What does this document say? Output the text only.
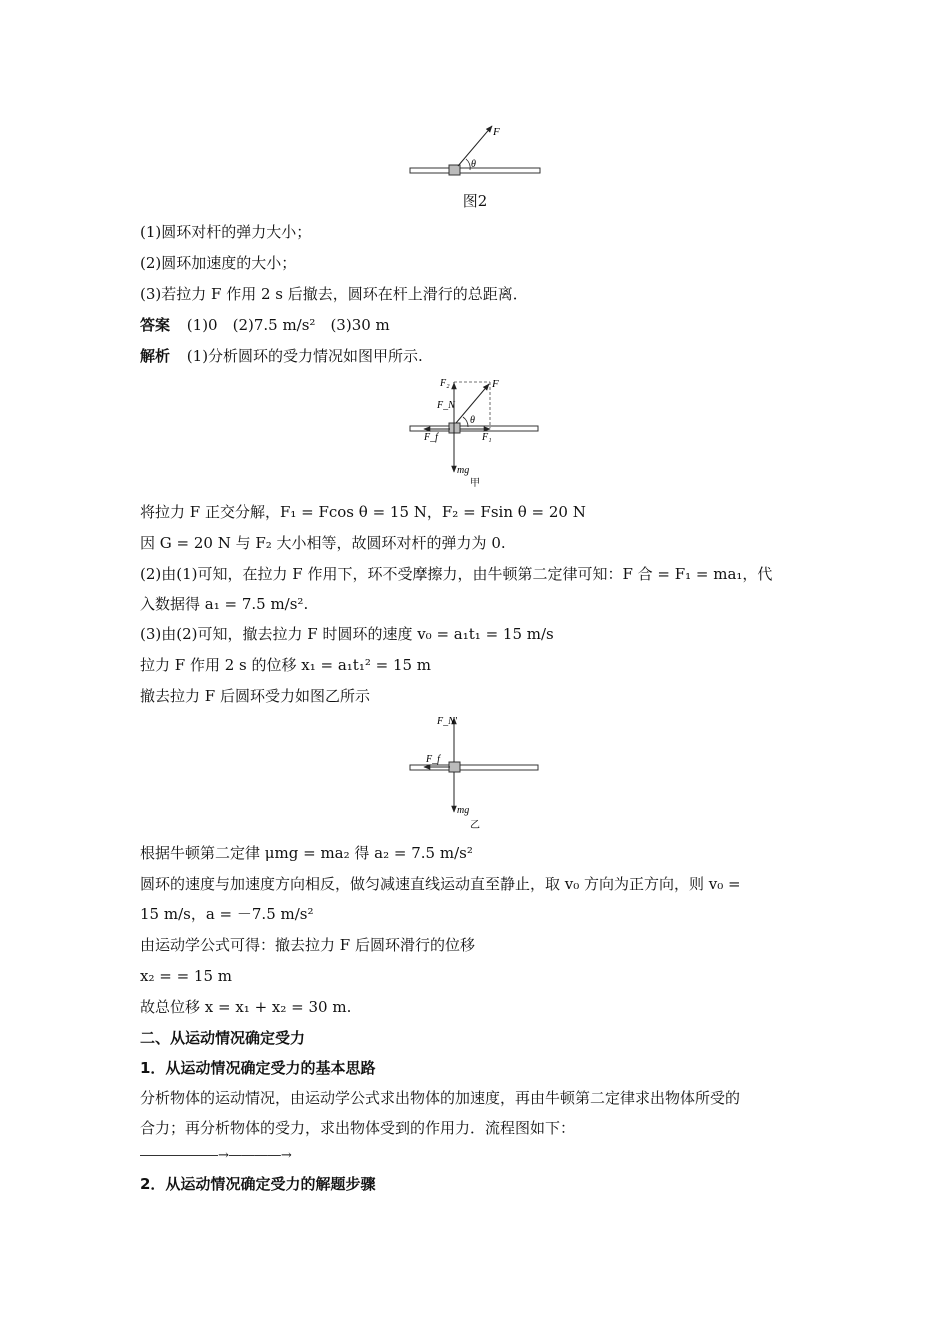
F
θ
图2
(1)圆环对杆的弹力大小；
(2)圆环加速度的大小；
(3)若拉力 F 作用 2 s 后撤去，圆环在杆上滑行的总距离．
答案 (1)0　(2)7.5 m/s²　(3)30 m
解析 (1)分析圆环的受力情况如图甲所示.
F₂	F
F_N
θ
F_f	F₁
mg
甲
将拉力 F 正交分解，F₁ = Fcos θ = 15 N，F₂ = Fsin θ = 20 N
因 G = 20 N 与 F₂ 大小相等，故圆环对杆的弹力为 0.
(2)由(1)可知，在拉力 F 作用下，环不受摩擦力，由牛顿第二定律可知：F 合 = F₁ = ma₁，代
入数据得 a₁ = 7.5 m/s².
(3)由(2)可知，撤去拉力 F 时圆环的速度 v₀ = a₁t₁ = 15 m/s
拉力 F 作用 2 s 的位移 x₁ = a₁t₁² = 15 m
撤去拉力 F 后圆环受力如图乙所示
F_N'
F_f
mg
乙
根据牛顿第二定律 μmg = ma₂ 得 a₂ = 7.5 m/s²
圆环的速度与加速度方向相反，做匀减速直线运动直至静止，取 v₀ 方向为正方向，则 v₀ =
15 m/s，a = －7.5 m/s²
由运动学公式可得：撤去拉力 F 后圆环滑行的位移
x₂ = = 15 m
故总位移 x = x₁ + x₂ = 30 m.
二、从运动情况确定受力
1．从运动情况确定受力的基本思路
分析物体的运动情况，由运动学公式求出物体的加速度，再由牛顿第二定律求出物体所受的
合力；再分析物体的受力，求出物体受到的作用力．流程图如下：
――――――→――――→
2．从运动情况确定受力的解题步骤
